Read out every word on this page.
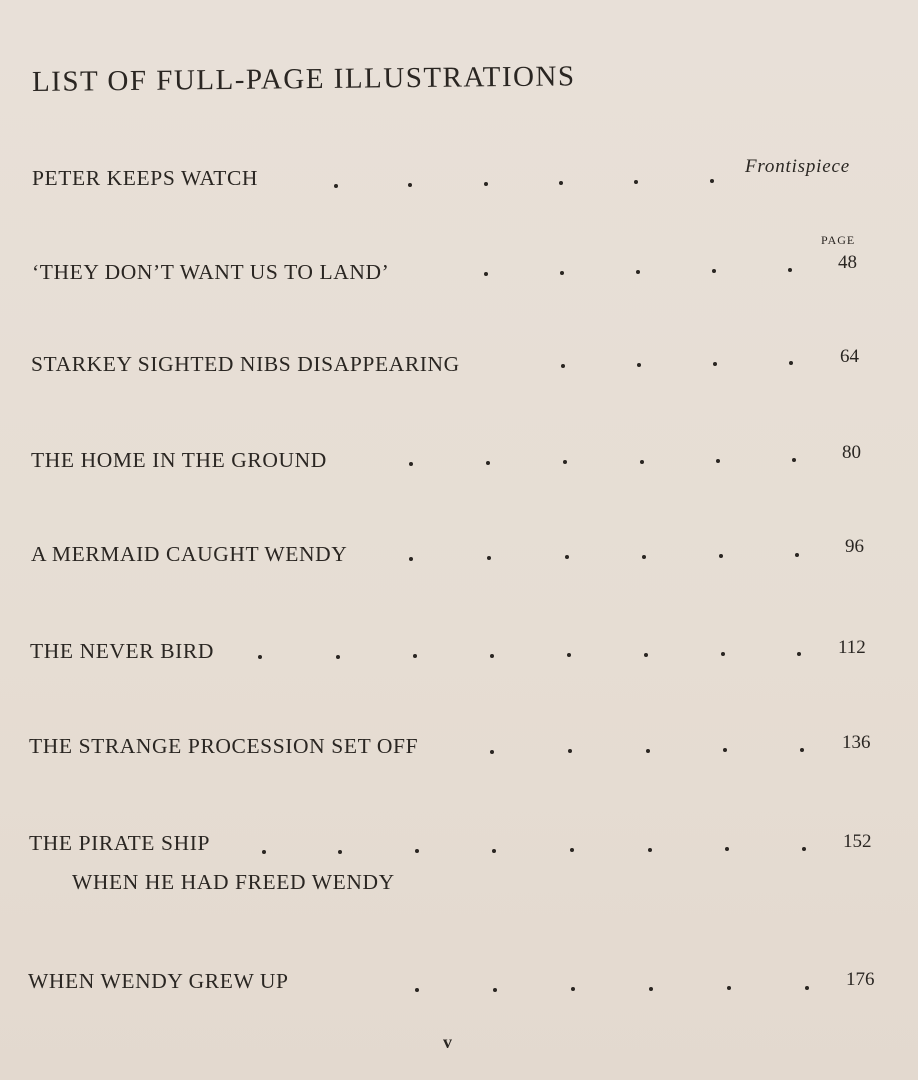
LIST OF FULL-PAGE ILLUSTRATIONS
PAGE
PETER KEEPS WATCH	Frontispiece
‘THEY DON’T WANT US TO LAND’	48
STARKEY SIGHTED NIBS DISAPPEARING	64
THE HOME IN THE GROUND	80
A MERMAID CAUGHT WENDY	96
THE NEVER BIRD	112
THE STRANGE PROCESSION SET OFF	136
THE PIRATE SHIP	152
WHEN HE HAD FREED WENDY
WHEN WENDY GREW UP	176
v
